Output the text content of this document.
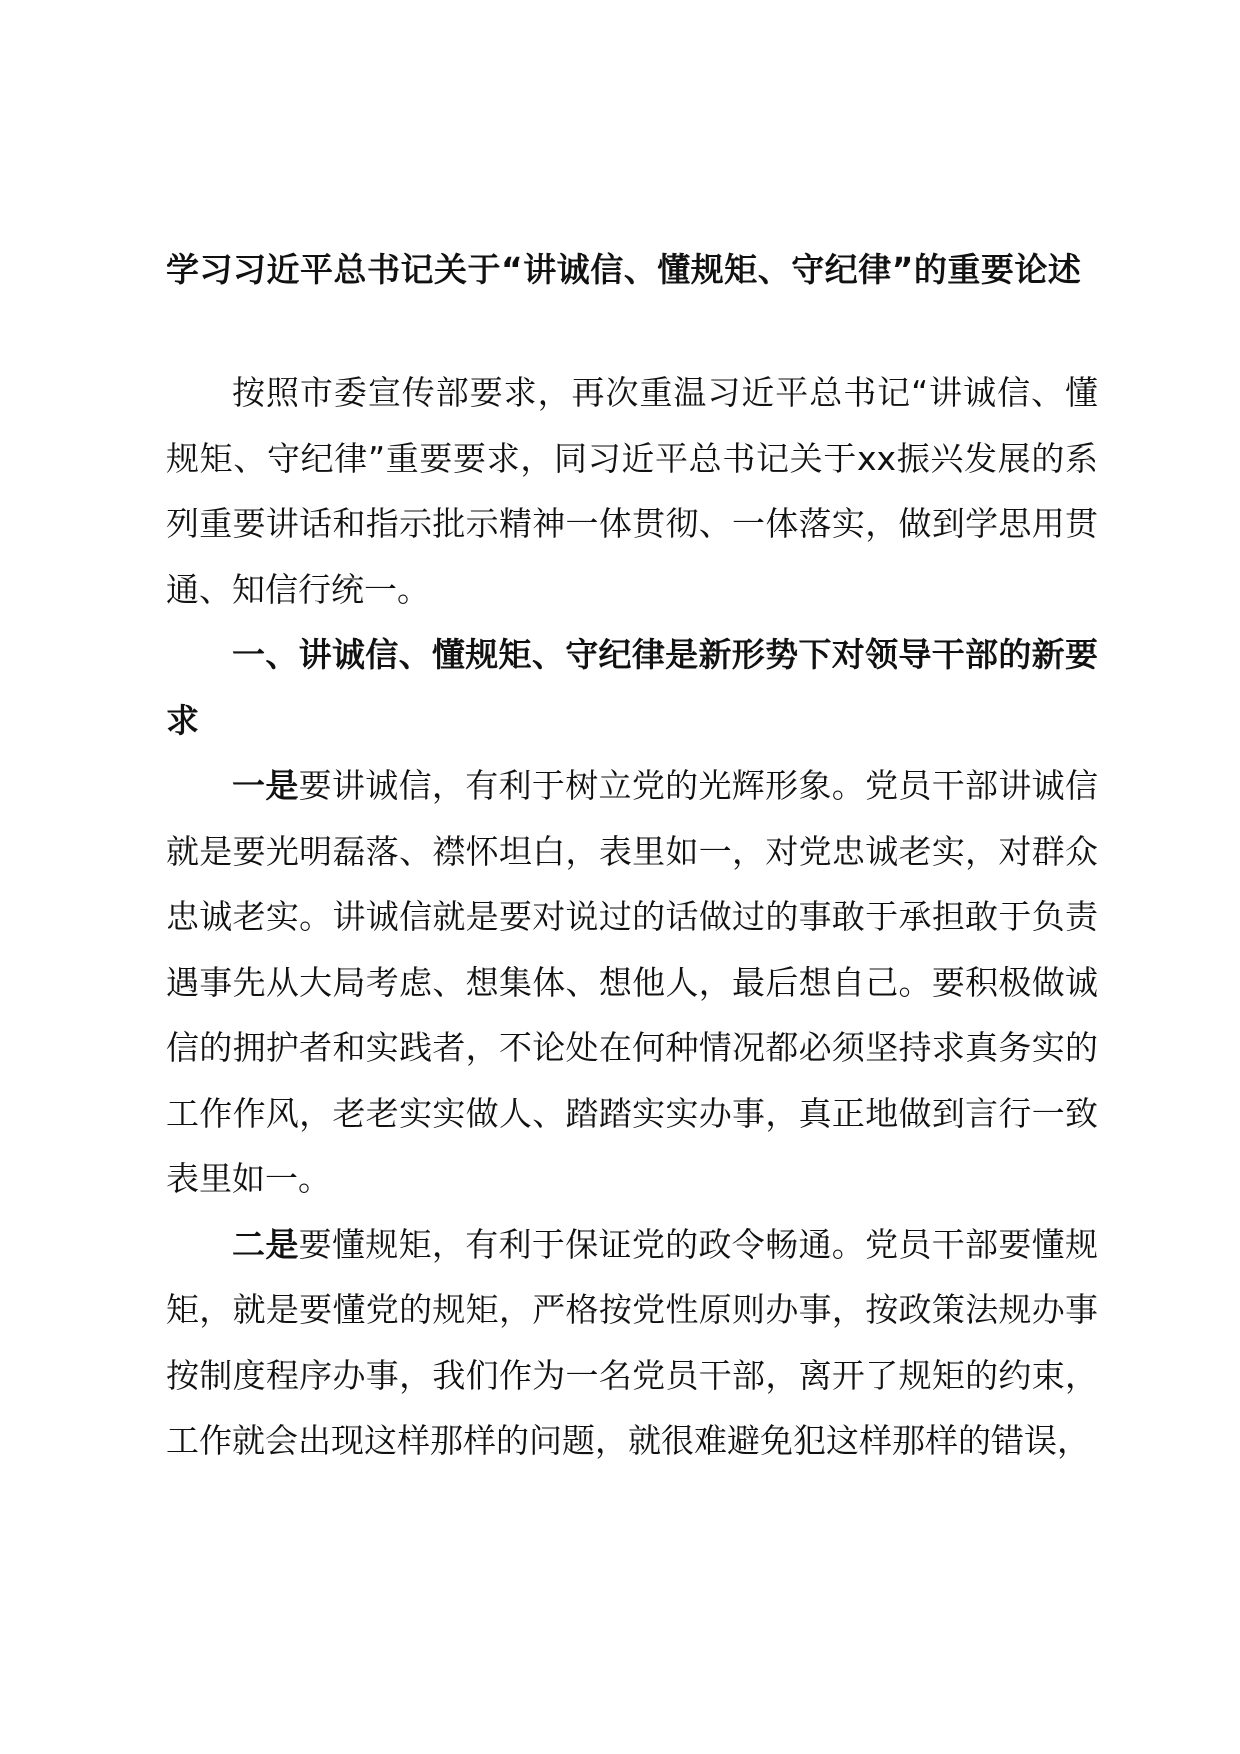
学习习近平总书记关于“讲诚信、懂规矩、守纪律”的重要论述

按照市委宣传部要求，再次重温习近平总书记“讲诚信、懂规矩、守纪律”重要要求，同习近平总书记关于xx振兴发展的系列重要讲话和指示批示精神一体贯彻、一体落实，做到学思用贯通、知信行统一。

一、讲诚信、懂规矩、守纪律是新形势下对领导干部的新要求

一是要讲诚信，有利于树立党的光辉形象。党员干部讲诚信就是要光明磊落、襟怀坦白，表里如一，对党忠诚老实，对群众忠诚老实。讲诚信就是要对说过的话做过的事敢于承担敢于负责遇事先从大局考虑、想集体、想他人，最后想自己。要积极做诚信的拥护者和实践者，不论处在何种情况都必须坚持求真务实的工作作风，老老实实做人、踏踏实实办事，真正地做到言行一致表里如一。

二是要懂规矩，有利于保证党的政令畅通。党员干部要懂规矩，就是要懂党的规矩，严格按党性原则办事，按政策法规办事按制度程序办事，我们作为一名党员干部，离开了规矩的约束，工作就会出现这样那样的问题，就很难避免犯这样那样的错误，
